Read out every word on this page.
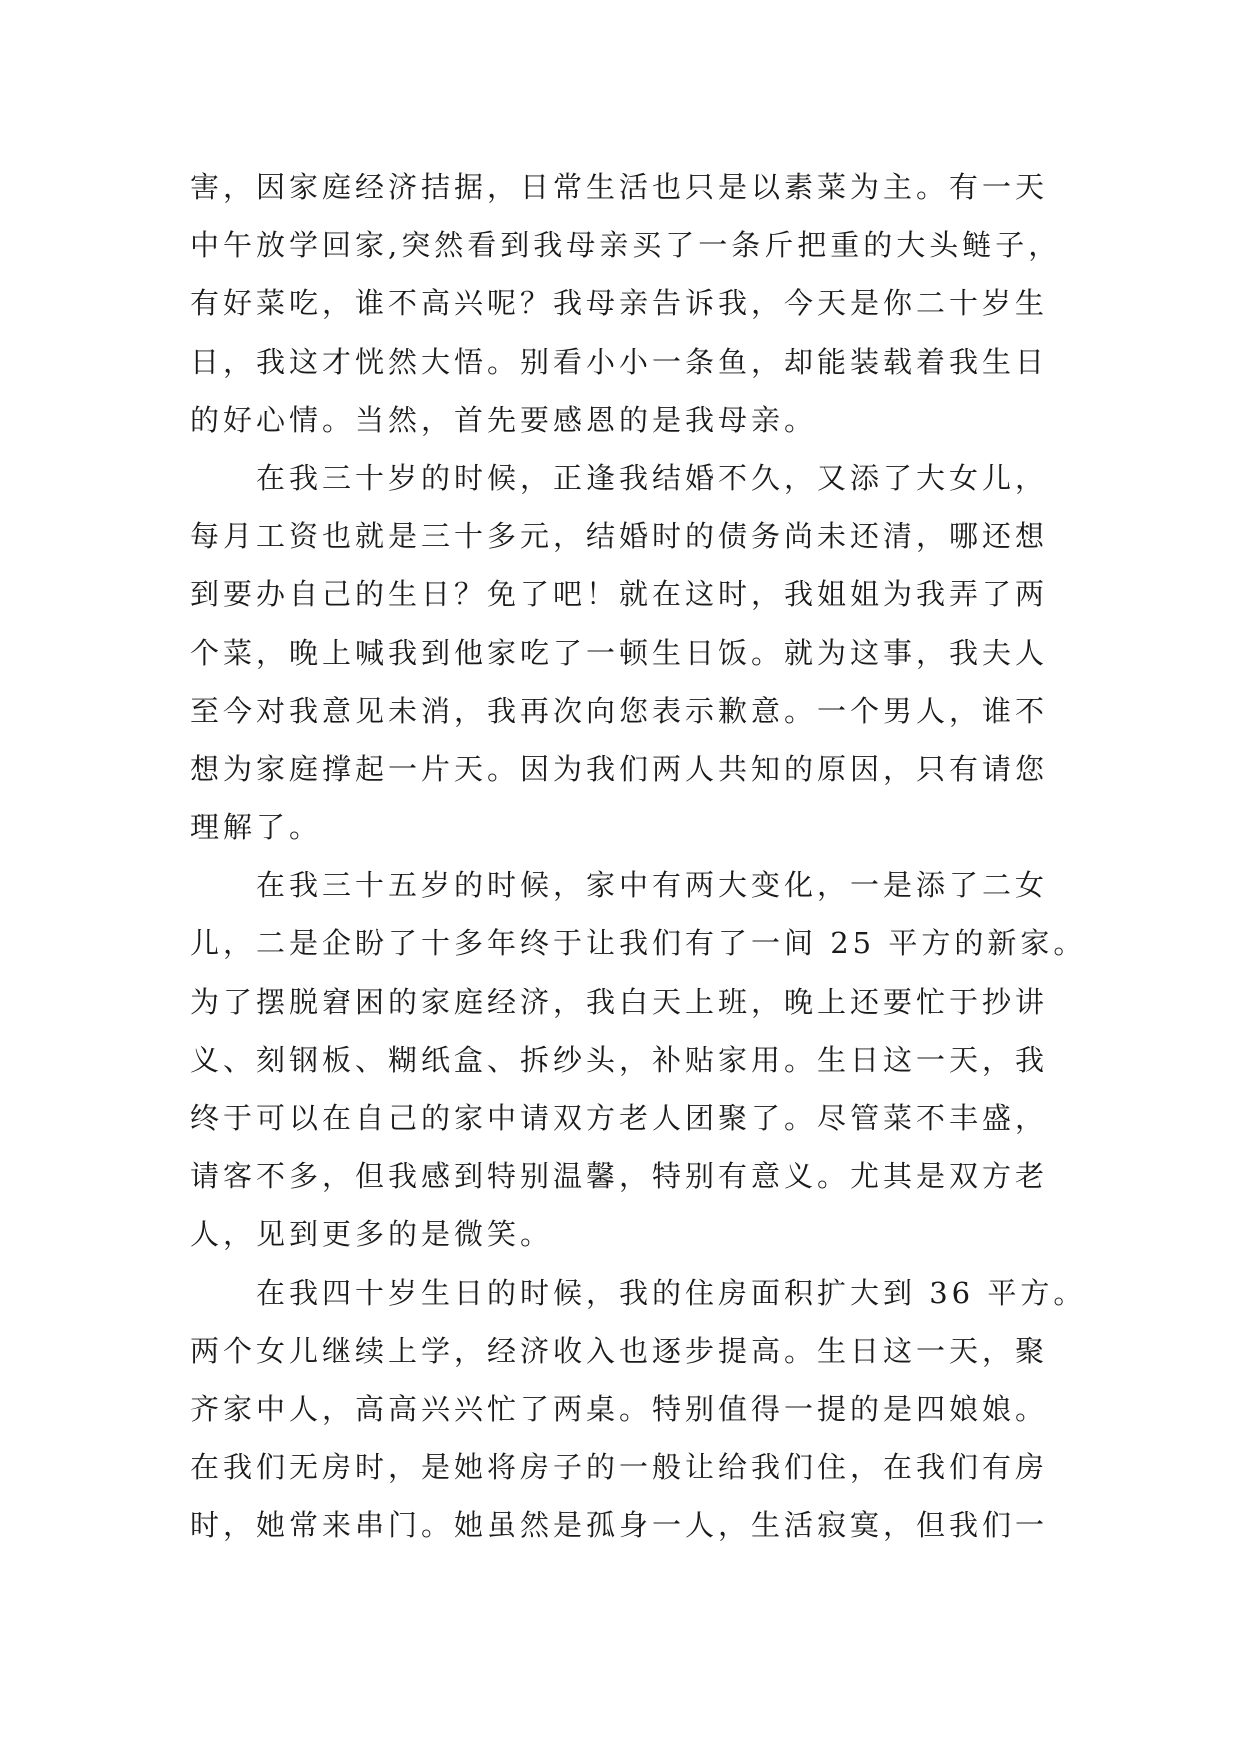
害，因家庭经济拮据，日常生活也只是以素菜为主。有一天
中午放学回家,突然看到我母亲买了一条斤把重的大头鲢子，
有好菜吃，谁不高兴呢？我母亲告诉我，今天是你二十岁生
日，我这才恍然大悟。别看小小一条鱼，却能装载着我生日
的好心情。当然，首先要感恩的是我母亲。
在我三十岁的时候，正逢我结婚不久，又添了大女儿，
每月工资也就是三十多元，结婚时的债务尚未还清，哪还想
到要办自己的生日？免了吧！就在这时，我姐姐为我弄了两
个菜，晚上喊我到他家吃了一顿生日饭。就为这事，我夫人
至今对我意见未消，我再次向您表示歉意。一个男人，谁不
想为家庭撑起一片天。因为我们两人共知的原因，只有请您
理解了。
在我三十五岁的时候，家中有两大变化，一是添了二女
儿，二是企盼了十多年终于让我们有了一间 25 平方的新家。
为了摆脱窘困的家庭经济，我白天上班，晚上还要忙于抄讲
义、刻钢板、糊纸盒、拆纱头，补贴家用。生日这一天，我
终于可以在自己的家中请双方老人团聚了。尽管菜不丰盛，
请客不多，但我感到特别温馨，特别有意义。尤其是双方老
人，见到更多的是微笑。
在我四十岁生日的时候，我的住房面积扩大到 36 平方。
两个女儿继续上学，经济收入也逐步提高。生日这一天，聚
齐家中人，高高兴兴忙了两桌。特别值得一提的是四娘娘。
在我们无房时，是她将房子的一般让给我们住，在我们有房
时，她常来串门。她虽然是孤身一人，生活寂寞，但我们一
